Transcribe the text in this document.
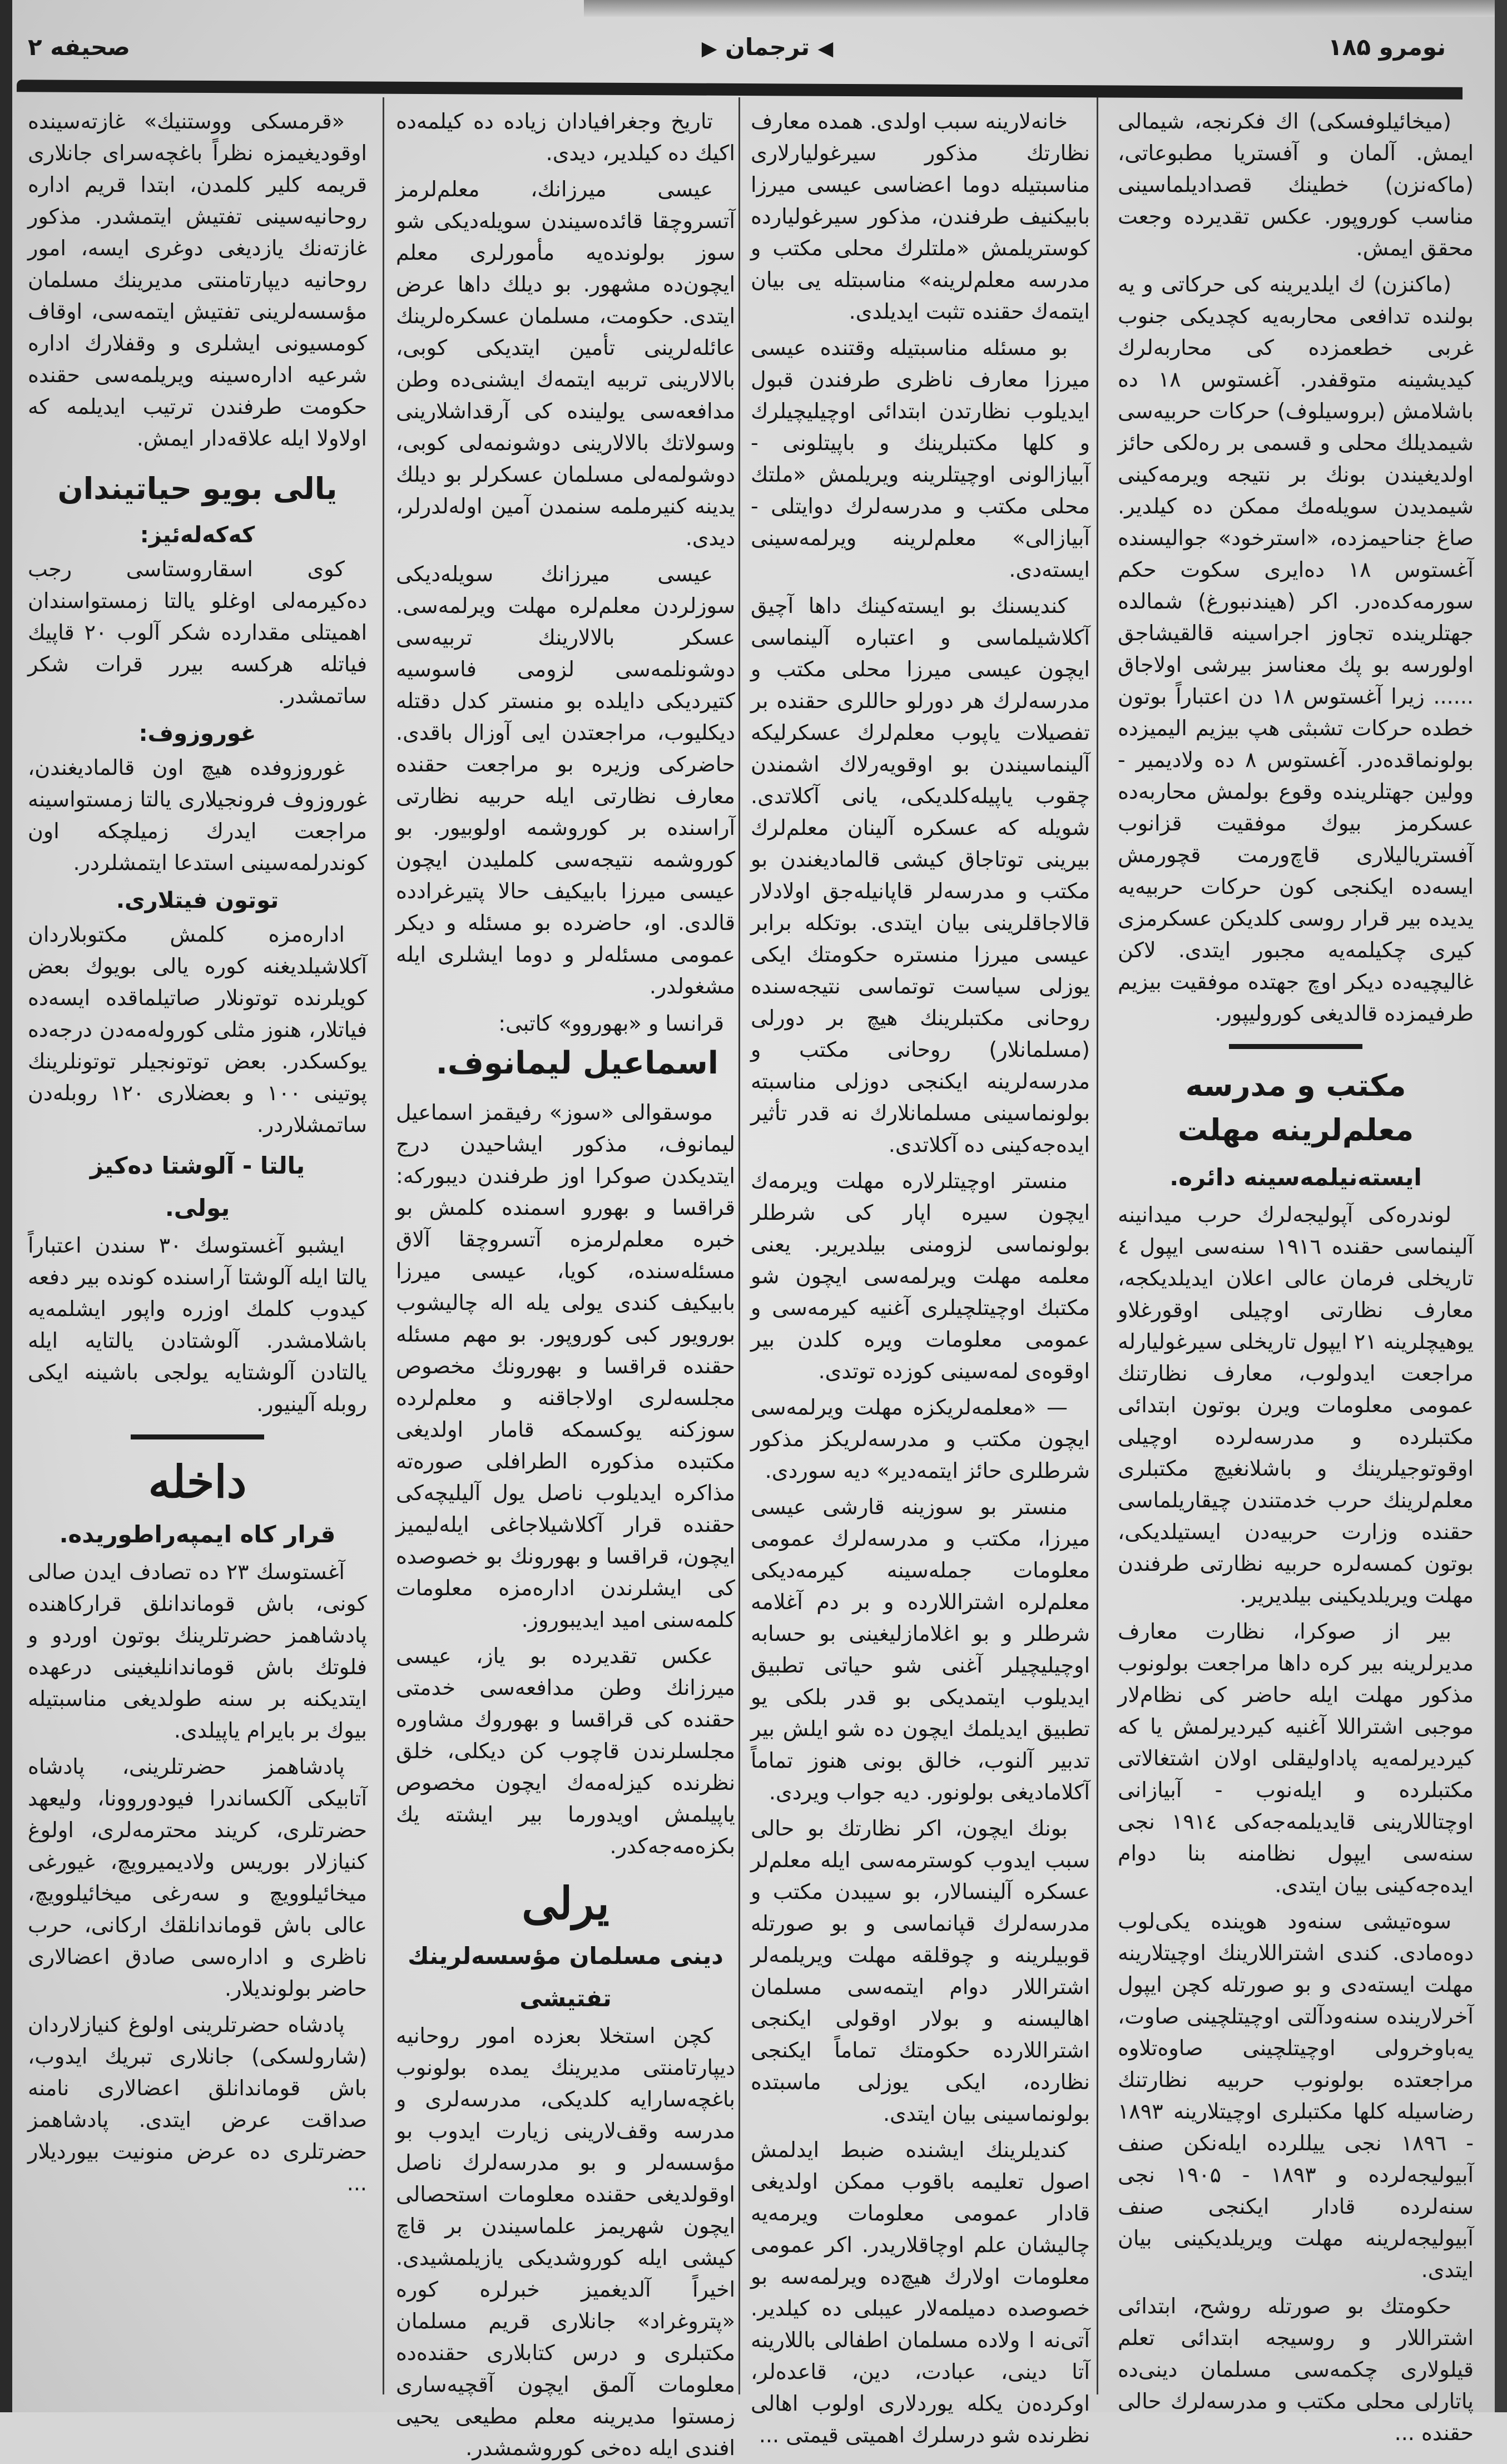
صحیفه ۲	◀ ترجمان ▶	نومرو ۱۸۵

(میخائیلوفسکی) اك فکرنجه، شیمالی ایمش. آلمان و آفستریا مطبوعاتی، (ماکه‌نزن) خطینك قصدادیلماسینی مناسب کوروپور. عکس تقدیرده وجعت محقق ایمش.

(ماکنزن) ك ایلدیرینه کی حرکاتی و یه بولنده تدافعی محاربه‌یه کچدیکی جنوب غربی خطعمزده کی محاربه‌لرك کیدیشینه متوقفدر. آغستوس ۱۸ ده باشلامش (بروسیلوف) حرکات حربیه‌سی شیمدیلك محلی و قسمی بر ره‌لکی حائز اولدیغیندن بونك بر نتیجه ویرمه‌کینی شیمدیدن سویله‌مك ممکن ده کیلدیر. صاغ جناحیمزده، «استرخود» جوالیسنده آغستوس ۱۸ ده‌ایری سکوت حکم سورمه‌کده‌در. اکر (هیندنبورغ) شمالده جهتلرینده تجاوز اجراسینه قالقیشاجق اولورسه بو پك معناسز بیرشی اولاجاق ...... زیرا آغستوس ۱۸ دن اعتباراً بوتون خطده حرکات تشبثی هپ بیزیم الیمیزده بولونماقده‌در. آغستوس ۸ ده ولادیمیر - وولین جهتلرینده وقوع بولمش محاربه‌ده عسکرمز بیوك موفقیت قزانوب آفستریالیلاری قاچ‌ورمت قچورمش ایسه‌ده ایکنجی کون حرکات حربیه‌یه یدیده بیر قرار روسی کلدیکن عسکرمزی کیری چکیلمه‌یه مجبور ایتدی. لاکن غالیچیه‌ده دیکر اوچ جهتده موفقیت بیزیم طرفیمزده قالدیغی کورولیپور.

مکتب و مدرسه معلم‌لرینه مهلت
ایسته‌نیلمه‌سینه دائره.

لوندره‌کی آپولیجه‌لرك حرب میدانینه آلینماسی حقنده ۱۹۱٦ سنه‌سی ایپول ٤ تاریخلی فرمان عالی اعلان ایدیلدیکجه، معارف نظارتی اوچیلی اوقورغلاو یوهیچلرینه ۲۱ ایپول تاریخلی سیرغولیارله مراجعت ایدولوب، معارف نظارتنك عمومی معلومات ویرن بوتون ابتدائی مکتبلرده و مدرسه‌لرده اوچیلی اوقوتوجیلرینك و باشلانغیچ مکتبلری معلم‌لرینك حرب خدمتندن چیقاریلماسی حقنده وزارت حربیه‌دن ایستیلدیکی، بوتون کمسه‌لره حربیه نظارتی طرفندن مهلت ویریلدیکینی بیلدیریر.

بیر از صوکرا، نظارت معارف مدیرلرینه بیر کره داها مراجعت بولونوب مذکور مهلت ایله حاضر کی نظام‌لار موجبی اشتراللا آغنیه کیردیرلمش یا که کیردیرلمه‌یه پاداولیقلی اولان اشتغالاتی مکتبلرده و ایله‌نوب - آبیازانی اوچتاللارینی قایدیلمه‌جه‌کی ۱۹۱٤ نجی سنه‌سی ایپول نظامنه بنا دوام ایده‌جه‌کینی بیان ایتدی.

سوه‌تیشی سنه‌ود هوینده یکی‌لوب دوه‌مادی. کندی اشتراللارینك اوچیتلارینه مهلت ایسته‌دی و بو صورتله کچن ایپول آخرلارینده سنه‌ودآلتی اوچیتلچینی صاوت، یه‌باوخرولی اوچیتلچینی صاوه‌تلاوه مراجعتده بولونوب حربیه نظارتنك رضاسیله کلها مکتبلری اوچیتلارینه ۱۸۹۳ - ۱۸۹٦ نجی ییللرده ایله‌نکن صنف آبیولیجه‌لرده و ۱۸۹۳ - ۱۹۰۵ نجی سنه‌لرده قادار ایکنجی صنف آبیولیجه‌لرینه مهلت ویریلدیکینی بیان ایتدی.

حکومتك بو صورتله روشح، ابتدائی اشتراللار و روسیجه ابتدائی تعلم قیلولاری چکمه‌سی مسلمان دینی‌ده پاتارلی محلی مکتب و مدرسه‌لرك حالی حقنده ...

خانه‌لارینه سبب اولدی. همده معارف نظارتك مذکور سیرغولیارلاری مناسبتیله دوما اعضاسی عیسی میرزا بابیکنیف طرفندن، مذکور سیرغولیارده کوستریلمش «ملتلرك محلی مکتب و مدرسه معلم‌لرینه» مناسبتله یی بیان ایتمه‌ك حقنده تثبت ایدیلدی.

بو مسئله مناسبتیله وقتنده عیسی میرزا معارف ناظری طرفندن قبول ایدیلوب نظارتدن ابتدائی اوچیلیچیلرك و کلها مکتبلرینك و باپیتلونی - آبیازالونی اوچیتلرینه ویریلمش «ملتك محلی مکتب و مدرسه‌لرك دوایتلی - آبیازالی» معلم‌لرینه ویرلمه‌سینی ایسته‌دی.

کندیسنك بو ایسته‌کینك داها آچیق آکلاشیلماسی و اعتباره آلینماسی ایچون عیسی میرزا محلی مکتب و مدرسه‌لرك هر دورلو حاللری حقنده بر تفصیلات یاپوب معلم‌لرك عسکرلیکه آلینماسیندن بو اوقویه‌رلاك اشمندن چقوب یاپیله‌کلدیکی، یانی آکلاتدی. شویله که عسکره آلینان معلم‌لرك بیرینی توتاجاق کیشی قالمادیغندن بو مکتب و مدرسه‌لر قاپانیله‌جق اولادلار قالاجاقلرینی بیان ایتدی. بوتکله برابر عیسی میرزا منستره حکومتك ایکی یوزلی سیاست توتماسی نتیجه‌سنده روحانی مکتبلرینك هیچ بر دورلی (مسلمانلار) روحانی مکتب و مدرسه‌لرینه ایکنجی دوزلی مناسبته بولونماسینی مسلمانلارك نه قدر تأثیر ایده‌جه‌کینی ده آکلاتدی.

منستر اوچیتلرلاره مهلت ویرمه‌ك ایچون سیره اپار کی شرطلر بولونماسی لزومنی بیلدیریر. یعنی معلمه مهلت ویرلمه‌سی ایچون شو مکتبك اوچیتلچیلری آغنیه کیرمه‌سی و عمومی معلومات ویره کلدن بیر اوقوه‌ی لمه‌سینی کوزده توتدی.

— «معلمه‌لریکزه مهلت ویرلمه‌سی ایچون مکتب و مدرسه‌لریکز مذکور شرطلری حائز ایتمه‌دیر» دیه سوردی.

منستر بو سوزینه قارشی عیسی میرزا، مکتب و مدرسه‌لرك عمومی معلومات جمله‌سینه کیرمه‌دیکی معلم‌لره اشتراللارده و بر دم آغلامه شرطلر و بو اغلامازلیغینی بو حسابه اوچیلیچیلر آغنی شو حیاتی تطبیق ایدیلوب ایتمدیکی بو قدر بلکی یو تطبیق ایدیلمك ایچون ده شو ایلش بیر تدبیر آلنوب، خالق بونی هنوز تماماً آکلامادیغی بولونور. دیه جواب ویردی.

بونك ایچون، اکر نظارتك بو حالی سبب ایدوب کوسترمه‌سی ایله معلم‌لر عسکره آلینسالار، بو سیبدن مکتب و مدرسه‌لرك قپانماسی و بو صورتله قوبیلرینه و چوقلقه مهلت ویریلمه‌لر اشتراللار دوام ایتمه‌سی مسلمان اهالیسنه و بولار اوقولی ایکنجی اشتراللارده حکومتك تماماً ایکنجی نظارده، ایکی یوزلی ماسبتده بولونماسینی بیان ایتدی.

کندیلرینك ایشنده ضبط ایدلمش اصول تعلیمه باقوب ممکن اولدیغی قادار عمومی معلومات ویرمه‌یه چالیشان علم اوچاقلاریدر. اکر عمومی معلومات اولارك هیچ‌ده ویرلمه‌سه بو خصوصده دمیلمه‌لار عیبلی ده کیلدیر. آتی‌نه ا ولاده مسلمان اطفالی باللارینه آتا دینی، عبادت، دین، قاعده‌لر، اوکرده‌ن یکله یوردلاری اولوب اهالی نظرنده شو درسلرك اهمیتی قیمتی ...

تاریخ وجغرافیادان زیاده ده کیلمه‌ده اکیك ده کیلدیر، دیدی.

عیسی میرزانك، معلم‌لرمز آتسروچقا قائده‌سیندن سویله‌دیکی شو سوز بولونده‌یه مأمورلری معلم ایچون‌ده مشهور. بو دیلك داها عرض ایتدی. حکومت، مسلمان عسکره‌لرینك عائله‌لرینی تأمین ایتدیکی کوبی، بالالارینی تربیه ایتمه‌ك ایشنی‌ده وطن مدافعه‌سی یولینده کی آرقداشلارینی وسولاتك بالالارینی دوشونمه‌لی کوبی، دوشولمه‌لی مسلمان عسکرلر بو دیلك یدینه کنیرملمه سنمدن آمین اوله‌لدرلر، دیدی.

عیسی میرزانك سویله‌دیکی سوزلردن معلم‌لره مهلت ویرلمه‌سی. عسکر بالالارینك تربیه‌سی دوشونلمه‌سی لزومی فاسوسیه کتیردیکی دایلده بو منستر کدل دقتله دیکلیوب، مراجعتدن ایی آوزال باقدی. حاضرکی وزیره بو مراجعت حقنده معارف نظارتی ایله حربیه نظارتی آراسنده بر کوروشمه اولوبیور. بو کوروشمه نتیجه‌سی کلملیدن ایچون عیسی میرزا بابیکیف حالا پتیرغرادده قالدی. او، حاضرده بو مسئله و دیکر عمومی مسئله‌لر و دوما ایشلری ایله مشغولدر.

قرانسا و «بهوروو» کاتبی:
اسماعیل لیمانوف.

موسقوالی «سوز» رفیقمز اسماعیل لیمانوف، مذکور ایشاحیدن درج ایتدیکدن صوکرا اوز طرفندن دیبورکه: قراقسا و بهورو اسمنده کلمش بو خبره معلم‌لرمزه آتسروچقا آلاق مسئله‌سنده، کویا، عیسی میرزا بابیکیف کندی یولی یله اله چالیشوب بورویور کبی کوروپور. بو مهم مسئله حقنده قراقسا و بهورونك مخصوص مجلسه‌لری اولاجاقنه و معلم‌لرده سوزکنه یوکسمکه قامار اولدیغی مکتبده مذکوره الطرافلی صوره‌ته مذاکره ایدیلوب ناصل یول آلیلیچه‌کی حقنده قرار آکلاشیلاجاغی ایله‌لیمیز ایچون، قراقسا و بهورونك بو خصوصده کی ایشلرندن اداره‌مزه معلومات کلمه‌سنی امید ایدیبوروز.

عکس تقدیرده بو یاز، عیسی میرزانك وطن مدافعه‌سی خدمتی حقنده کی قراقسا و بهوروك مشاوره مجلسلرندن قاچوب کن دیکلی، خلق نظرنده کیزله‌مه‌ك ایچون مخصوص یاپیلمش اویدورما بیر ایشته یك بکزه‌مه‌جه‌کدر.

یرلی
دینی مسلمان مؤسسه‌لرینك
تفتیشی

کچن استخلا بعزده امور روحانیه دیپارتامنتی مدیرینك یمده بولونوب باغچه‌سارایه کلدیکی، مدرسه‌لری و مدرسه وقف‌لارینی زیارت ایدوب بو مؤسسه‌لر و بو مدرسه‌لرك ناصل اوقولدیغی حقنده معلومات استحصالی ایچون شهریمز علماسیندن بر قاچ کیشی ایله کوروشدیکی یازیلمشیدی. اخیراً آلدیغمیز خبرلره کوره «پتروغراد» جانلاری قریم مسلمان مکتبلری و درس کتابلاری حقنده‌ده معلومات آلمق ایچون آقچیه‌ساری زمستوا مدیرینه معلم مطیعی یحیی افندی ایله ده‌خی کوروشمشدر.

«قرمسکی ووستنیك» غازته‌سینده اوقودیغیمزه نظراً باغچه‌سرای جانلاری قریمه کلیر کلمدن، ابتدا قریم اداره روحانیه‌سینی تفتیش ایتمشدر. مذکور غازته‌نك یازدیغی دوغری ایسه، امور روحانیه دیپارتامنتی مدیرینك مسلمان مؤسسه‌لرینی تفتیش ایتمه‌سی، اوقاف کومسیونی ایشلری و وقفلارك اداره شرعیه اداره‌سینه ویریلمه‌سی حقنده حکومت طرفندن ترتیب ایدیلمه که اولاولا ایله علاقه‌دار ایمش.

یالی بویو حیاتیندان
که‌که‌له‌ئیز:

کوی اسقاروستاسی رجب ده‌کیرمه‌لی اوغلو یالتا زمستواسندان اهمیتلی مقدارده شکر آلوب ۲۰ قاپیك فیاتله هرکسه بیرر قرات شکر ساتمشدر.

غوروزوف:

غوروزوفده هیچ اون قالمادیغندن، غوروزوف فرونجیلاری یالتا زمستواسینه مراجعت ایدرك زمیلچکه اون کوندرلمه‌سینی استدعا ایتمشلردر.

توتون فیتلاری.

اداره‌مزه کلمش مکتوبلاردان آکلاشیلدیغنه کوره یالی بویوك بعض کویلرنده توتونلار صاتیلماقده ایسه‌ده فیاتلار، هنوز مثلی کوروله‌مه‌دن درجه‌ده یوکسکدر. بعض توتونجیلر توتونلرینك پوتینی ۱۰۰ و بعضلاری ۱۲۰ روبله‌دن ساتمشلاردر.

یالتا - آلوشتا ده‌کیز
یولی.

ایشبو آغستوسك ۳۰ سندن اعتباراً یالتا ایله آلوشتا آراسنده کونده بیر دفعه کیدوب کلمك اوزره واپور ایشلمه‌یه باشلامشدر. آلوشتادن یالتایه ایله یالتادن آلوشتایه یولجی باشینه ایکی روبله آلینیور.

داخله
قرار کاه ایمپه‌راطوریده.

آغستوسك ۲۳ ده تصادف ایدن صالی کونی، باش قوماندانلق قرارکاهنده پادشاهمز حضرتلرینك بوتون اوردو و فلوتك باش قوماندانلیغینی درعهده ایتدیکنه بر سنه طولدیغی مناسبتیله بیوك بر بایرام یاپیلدی.

پادشاهمز حضرتلرینی، پادشاه آتابیکی آلکساندرا فیودوروونا، ولیعهد حضرتلری، کریند محترمه‌لری، اولوغ کنیازلار بوریس ولادیمیرویچ، غیورغی میخائیلوویچ و سه‌رغی میخائیلوویچ، عالی باش قوماندانلقك ارکانی، حرب ناظری و اداره‌سی صادق اعضالاری حاضر بولوندیلار.

پادشاه حضرتلرینی اولوغ کنیازلاردان (شارولسکی) جانلاری تبریك ایدوب، باش قوماندانلق اعضالاری نامنه صداقت عرض ایتدی. پادشاهمز حضرتلری ده عرض منونیت بیوردیلار ...
